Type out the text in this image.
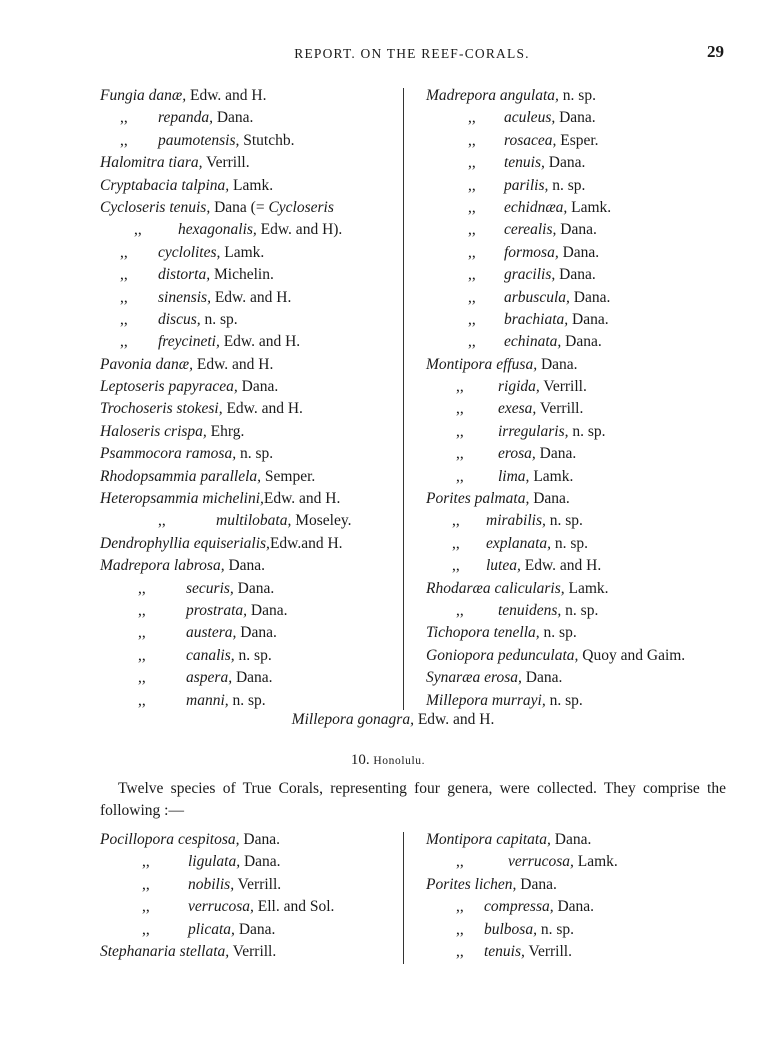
REPORT. ON THE REEF-CORALS.	29
Fungia danæ, Edw. and H.
,, repanda, Dana.
,, paumotensis, Stutchb.
Halomitra tiara, Verrill.
Cryptabacia talpina, Lamk.
Cycloseris tenuis, Dana (= Cycloseris
,, hexagonalis, Edw. and H).
,, cyclolites, Lamk.
,, distorta, Michelin.
,, sinensis, Edw. and H.
,, discus, n. sp.
,, freycineti, Edw. and H.
Pavonia danæ, Edw. and H.
Leptoseris papyracea, Dana.
Trochoseris stokesi, Edw. and H.
Haloseris crispa, Ehrg.
Psammocora ramosa, n. sp.
Rhodopsammia parallela, Semper.
Heteropsammia michelini,Edw. and H.
,,	multilobata, Moseley.
Dendrophyllia equiserialis,Edw.and H.
Madrepora labrosa, Dana.
,,	securis, Dana.
,,	prostrata, Dana.
,,	austera, Dana.
,,	canalis, n. sp.
,,	aspera, Dana.
,,	manni, n. sp.
Madrepora angulata, n. sp.
,, aculeus, Dana.
,, rosacea, Esper.
,, tenuis, Dana.
,, parilis, n. sp.
,, echidnæa, Lamk.
,, cerealis, Dana.
,, formosa, Dana.
,, gracilis, Dana.
,, arbuscula, Dana.
,, brachiata, Dana.
,, echinata, Dana.
Montipora effusa, Dana.
,, rigida, Verrill.
,, exesa, Verrill.
,, irregularis, n. sp.
,, erosa, Dana.
,, lima, Lamk.
Porites palmata, Dana.
,, mirabilis, n. sp.
,, explanata, n. sp.
,, lutea, Edw. and H.
Rhodaræa calicularis, Lamk.
,, tenuidens, n. sp.
Tichopora tenella, n. sp.
Goniopora pedunculata, Quoy and Gaim.
Synaræa erosa, Dana.
Millepora murrayi, n. sp.
Millepora gonagra, Edw. and H.
10. Honolulu.
Twelve species of True Corals, representing four genera, were collected. They comprise the following :—
Pocillopora cespitosa, Dana.
,, ligulata, Dana.
,, nobilis, Verrill.
,, verrucosa, Ell. and Sol.
,, plicata, Dana.
Stephanaria stellata, Verrill.
Montipora capitata, Dana.
,,	verrucosa, Lamk.
Porites lichen, Dana.
,, compressa, Dana.
,, bulbosa, n. sp.
,, tenuis, Verrill.
